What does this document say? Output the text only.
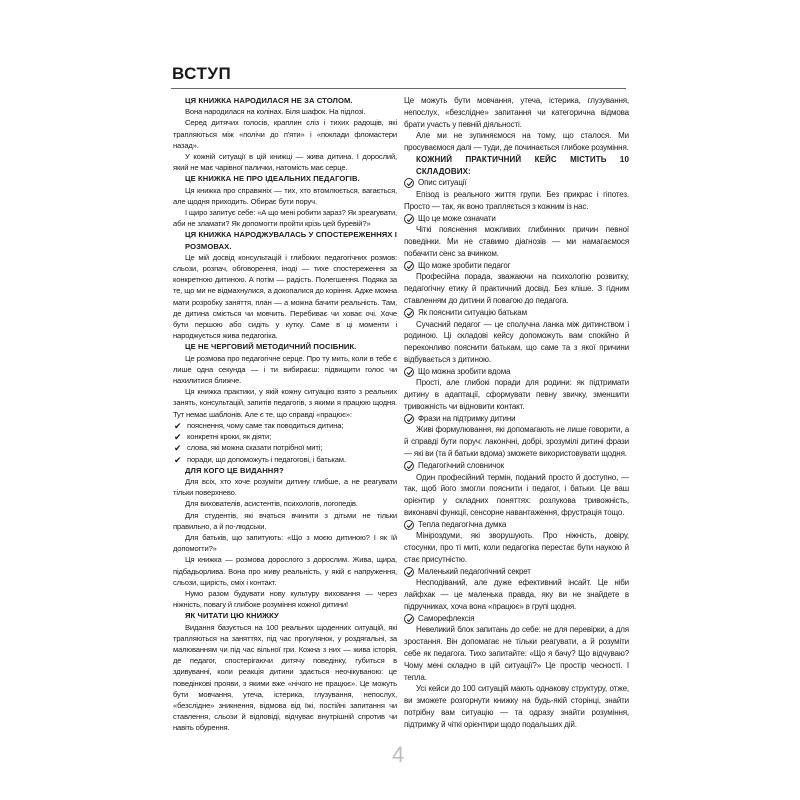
ВСТУП

ЦЯ КНИЖКА НАРОДИЛАСЯ НЕ ЗА СТОЛОМ.

Вона народилася на колінах. Біля шафок. На підлозі.

Серед дитячих голосів, краплин сліз і тихих радощів, які трапляються між «полічи до п'яти» і «поклади фломастери назад».

У кожній ситуації в цій книжці — жива дитина. І дорослий, який не має чарівної палички, натомість має серце.

ЦЕ КНИЖКА НЕ ПРО ІДЕАЛЬНИХ ПЕДАГОГІВ.

Ця книжка про справжніх — тих, хто втомлюється, вагається, але щодня приходить. Обирає бути поруч.

І щиро запитує себе: «А що мені робити зараз? Як зреагувати, аби не зламати? Як допомогти пройти крізь цей буревій?»

ЦЯ КНИЖКА НАРОДЖУВАЛАСЬ У СПОСТЕРЕЖЕННЯХ І РОЗМОВАХ.

Це мій досвід консультацій і глибоких педагогічних розмов: сльози, розпач, обговорення, іноді — тихе спостереження за конкретною дитиною. А потім — радість. Полегшення. Подяка за те, що ми не відмахнулися, а докопалися до коріння. Адже можна мати розробку заняття, план — а можна бачити реальність. Там, де дитина сміється чи мовчить. Перебиває чи ховає очі. Хоче бути першою або сидіть у кутку. Саме в ці моменти і народжується жива педагогіка.

ЦЕ НЕ ЧЕРГОВИЙ МЕТОДИЧНИЙ ПОСІБНИК.

Це розмова про педагогічне серце. Про ту мить, коли в тебе є лише одна секунда — і ти вибираєш: підвищити голос чи нахилитися ближче.

Ця книжка практики, у якій кожну ситуацію взято з реальних занять, консультацій, запитів педагогів, з якими я працюю щодня. Тут немає шаблонів. Але є те, що справді «працює»:

✔ пояснення, чому саме так поводиться дитина;
✔ конкретні кроки, як діяти;
✔ слова, які можна сказати потрібної миті;
✔ поради, що допоможуть і педагогові, і батькам.

ДЛЯ КОГО ЦЕ ВИДАННЯ?

Для всіх, хто хоче розуміти дитину глибше, а не реагувати тільки поверхнево.

Для вихователів, асистентів, психологів, логопедів.

Для студентів, які вчаться вчинити з дітьми не тільки правильно, а й по-людськи.

Для батьків, що запитують: «Що з моєю дитиною? І як їй допомогти?»

Ця книжка — розмова дорослого з дорослим. Жива, щира, підбадьорлива. Вона про живу реальність, у якій є напруження, сльози, щирість, сміх і контакт.

Нумо разом будувати нову культуру виховання — через ніжність, повагу й глибоке розуміння кожної дитини!

ЯК ЧИТАТИ ЦЮ КНИЖКУ

Видання базується на 100 реальних щоденних ситуацій, які трапляються на заняттях, під час прогулянок, у роздягальні, за малюванням чи під час вільної гри. Кожна з них — жива історія, де педагог, спостерігаючи дитячу поведінку, губиться в здивуванні, коли реакція дитини здається неочікуваною: це поведінкові прояви, з якими вже «нічого не працює». Це можуть бути мовчання, утеча, істерика, глузування, непослух, «безслідне» зникнення, відмова від їжі, постійні запитання чи ставлення, сльози й відповіді, відчуває внутрішній спротив чи навіть обурення.

Це можуть бути мовчання, утеча, істерика, глузування, непослух, «безслідне» запитання чи категорична відмова брати участь у певній діяльності.

Але ми не зупиняємося на тому, що сталося. Ми просуваємося далі — туди, де починається глибоке розуміння.

КОЖНИЙ ПРАКТИЧНИЙ КЕЙС МІСТИТЬ 10 СКЛАДОВИХ:

Опис ситуації

Епізод із реального життя групи. Без прикрас і гіпотез. Просто — так, як воно трапляється з кожним із нас.

Що це може означати

Чіткі пояснення можливих глибинних причин певної поведінки. Ми не ставимо діагнозів — ми намагаємося побачити сенс за вчинком.

Що може зробити педагог

Професійна порада, зважаючи на психологію розвитку, педагогічну етику й практичний досвід. Без кліше. З гідним ставленням до дитини й повагою до педагога.

Як пояснити ситуацію батькам

Сучасний педагог — це сполучна ланка між дитинством і родиною. Ці складові кейсу допоможуть вам спокійно й переконливо пояснити батькам, що саме та з якої причини відбувається з дитиною.

Що можна зробити вдома

Прості, але глибокі поради для родини: як підтримати дитину в адаптації, сформувати певну звичку, зменшити тривожність чи відновити контакт.

Фрази на підтримку дитини

Живі формулювання, які допомагають не лише говорити, а й справді бути поруч: лаконічні, добрі, зрозумілі дитині фрази — які ви (та й батьки вдома) зможете використовувати щодня.

Педагогічний словничок

Один професійний термін, поданий просто й доступно, — так, щоб його змогли пояснити і педагог, і батьки. Це ваш орієнтир у складних поняттях: розлукова тривожність, виконавчі функції, сенсорне навантаження, фрустрація тощо.

Тепла педагогічна думка

Мініроздуми, які зворушують. Про ніжність, довіру, стосунки, про ті миті, коли педагогіка перестає бути наукою й стає присутністю.

Маленький педагогічний секрет

Несподіваний, але дуже ефективний інсайт. Це ніби лайфхак — це маленька правда, яку ви не знайдете в підручниках, хоча вона «працює» в групі щодня.

Саморефлексія

Невеликий блок запитань до себе: не для перевірки, а для зростання. Він допомагає не тільки реагувати, а й розуміти себе як педагога. Тихо запитайте: «Що я бачу? Що відчуваю? Чому мені складно в цій ситуації?» Це простір чесності. І тепла.

Усі кейси до 100 ситуацій мають однакову структуру, отже, ви зможете розгорнути книжку на будь-якій сторінці, знайти потрібну вам ситуацію — та одразу знайти розуміння, підтримку й чіткі орієнтири щодо подальших дій.

4
